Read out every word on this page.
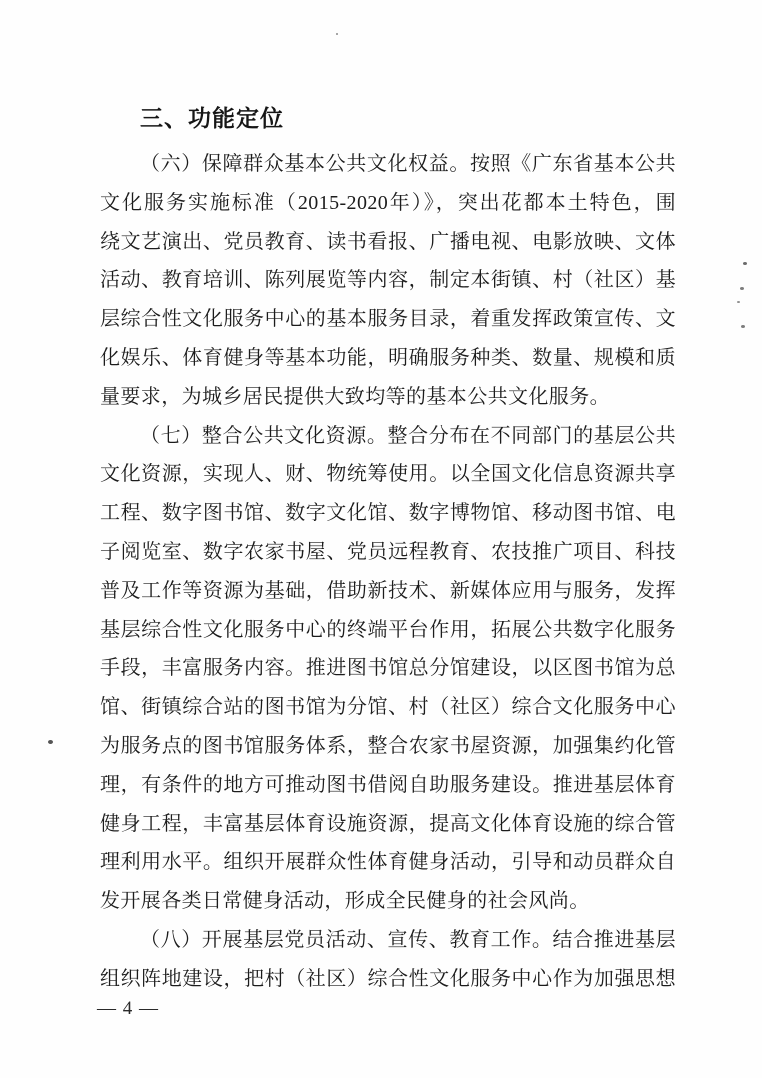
三、功能定位

（六）保障群众基本公共文化权益。按照《广东省基本公共

文化服务实施标准（2015-2020年）》，突出花都本土特色，围

绕文艺演出、党员教育、读书看报、广播电视、电影放映、文体

活动、教育培训、陈列展览等内容，制定本街镇、村（社区）基

层综合性文化服务中心的基本服务目录，着重发挥政策宣传、文

化娱乐、体育健身等基本功能，明确服务种类、数量、规模和质

量要求，为城乡居民提供大致均等的基本公共文化服务。

（七）整合公共文化资源。整合分布在不同部门的基层公共

文化资源，实现人、财、物统筹使用。以全国文化信息资源共享

工程、数字图书馆、数字文化馆、数字博物馆、移动图书馆、电

子阅览室、数字农家书屋、党员远程教育、农技推广项目、科技

普及工作等资源为基础，借助新技术、新媒体应用与服务，发挥

基层综合性文化服务中心的终端平台作用，拓展公共数字化服务

手段，丰富服务内容。推进图书馆总分馆建设，以区图书馆为总

馆、街镇综合站的图书馆为分馆、村（社区）综合文化服务中心

为服务点的图书馆服务体系，整合农家书屋资源，加强集约化管

理，有条件的地方可推动图书借阅自助服务建设。推进基层体育

健身工程，丰富基层体育设施资源，提高文化体育设施的综合管

理利用水平。组织开展群众性体育健身活动，引导和动员群众自

发开展各类日常健身活动，形成全民健身的社会风尚。

（八）开展基层党员活动、宣传、教育工作。结合推进基层

组织阵地建设，把村（社区）综合性文化服务中心作为加强思想

— 4 —
